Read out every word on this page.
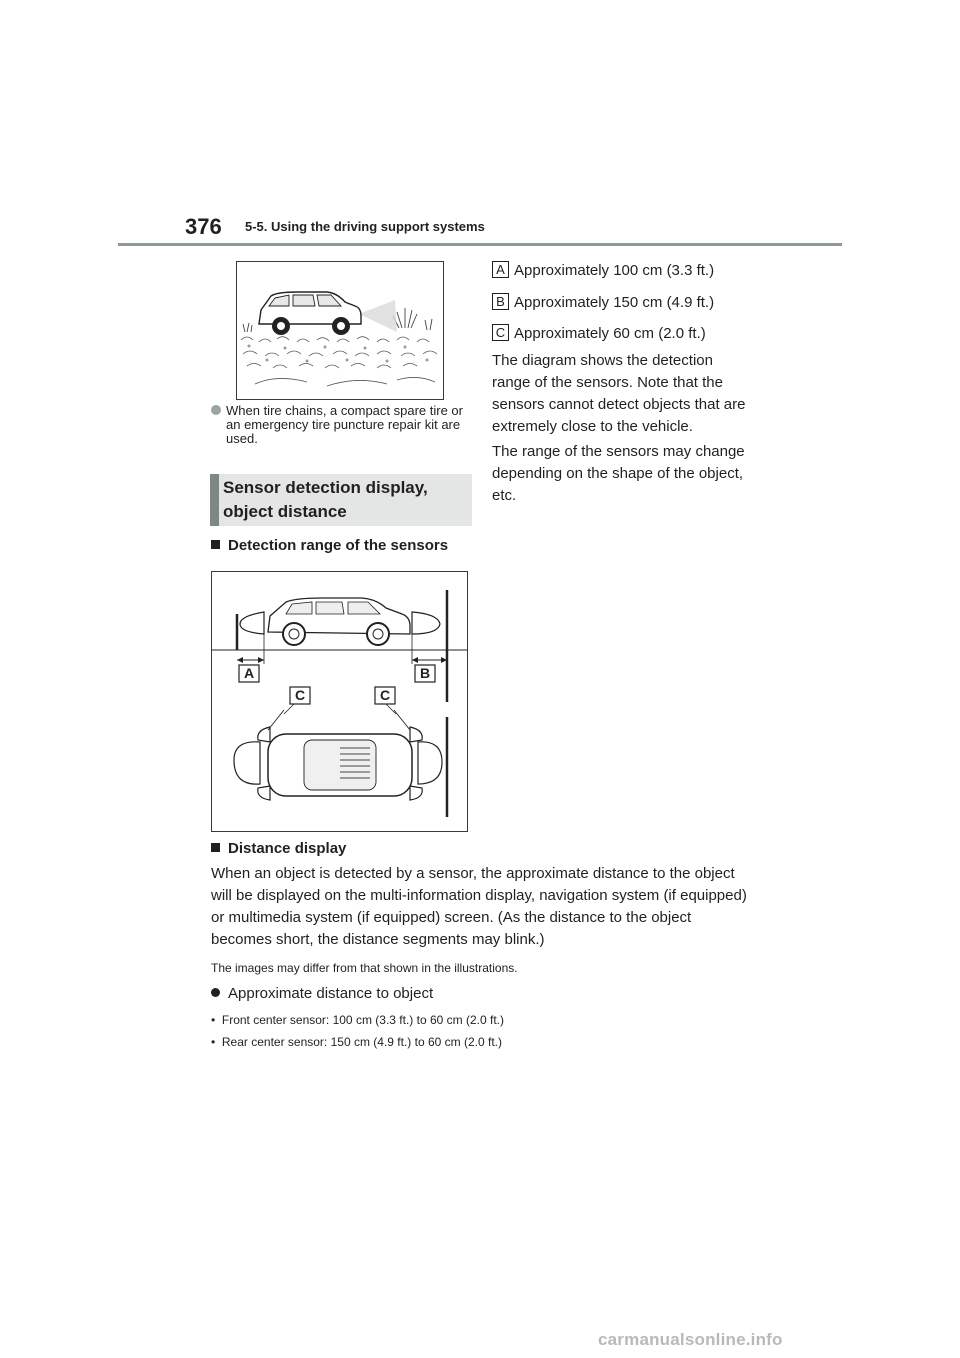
376 5-5. Using the driving support systems
When tire chains, a compact spare tire or an emergency tire puncture repair kit are used.
Sensor detection display, object distance
Detection range of the sensors
A	B
C	C
A Approximately 100 cm (3.3 ft.)
B Approximately 150 cm (4.9 ft.)
C Approximately 60 cm (2.0 ft.)
The diagram shows the detection range of the sensors. Note that the sensors cannot detect objects that are extremely close to the vehicle.
The range of the sensors may change depending on the shape of the object, etc.
Distance display
When an object is detected by a sensor, the approximate distance to the object will be displayed on the multi-information display, navigation system (if equipped) or multimedia system (if equipped) screen. (As the distance to the object becomes short, the distance segments may blink.)
The images may differ from that shown in the illustrations.
Approximate distance to object
•  Front center sensor: 100 cm (3.3 ft.) to 60 cm (2.0 ft.)
•  Rear center sensor: 150 cm (4.9 ft.) to 60 cm (2.0 ft.)
carmanualsonline.info
